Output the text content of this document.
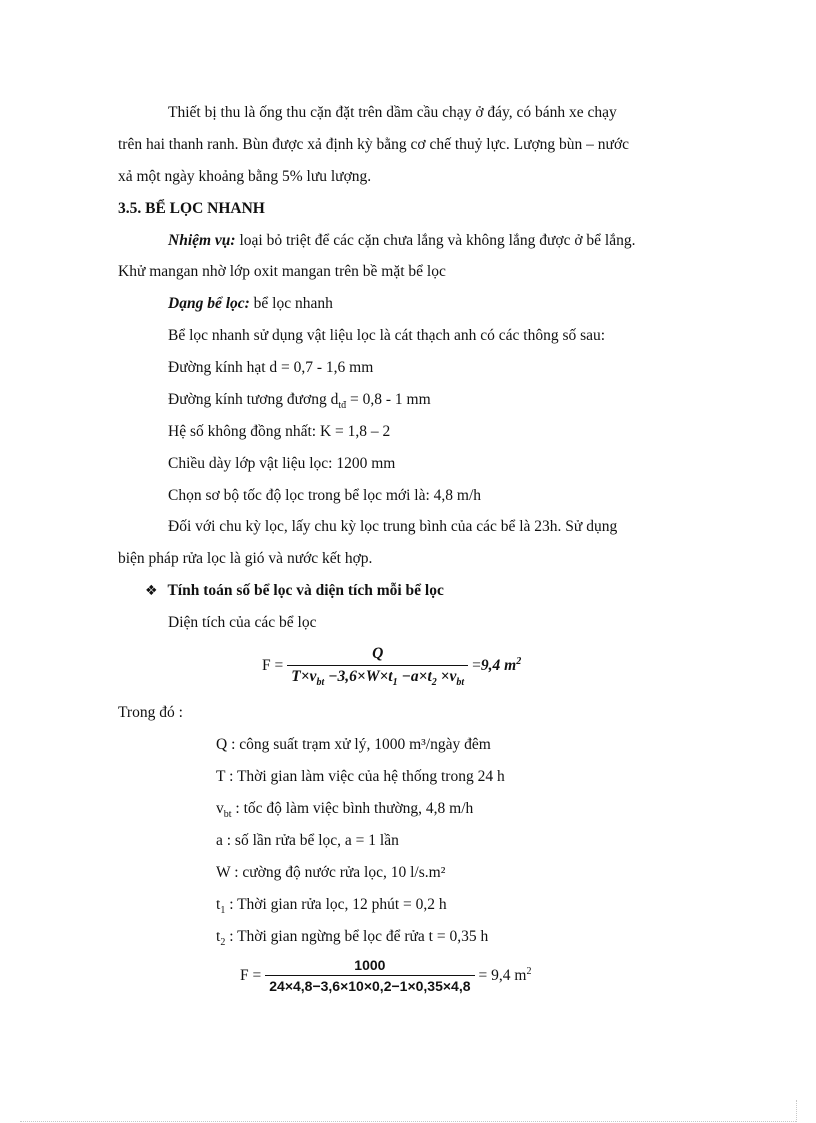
Thiết bị thu là ống thu cặn đặt trên dầm cầu chạy ở đáy, có bánh xe chạy
trên hai thanh ranh. Bùn được xả định kỳ bằng cơ chế thuỷ lực. Lượng bùn – nước
xả một ngày khoảng bằng 5% lưu lượng.
3.5. BỂ LỌC NHANH
Nhiệm vụ: loại bỏ triệt để các cặn chưa lắng và không lắng được ở bể lắng.
Khử mangan nhờ lớp oxit mangan trên bề mặt bể lọc
Dạng bể lọc: bể lọc nhanh
Bể lọc nhanh sử dụng vật liệu lọc là cát thạch anh có các thông số sau:
Đường kính hạt d = 0,7 - 1,6 mm
Đường kính tương đương $d_{tđ} = 0,8 - 1$ mm
Hệ số không đồng nhất: K = 1,8 – 2
Chiều dày lớp vật liệu lọc: 1200 mm
Chọn sơ bộ tốc độ lọc trong bể lọc mới là: 4,8 m/h
Đối với chu kỳ lọc, lấy chu kỳ lọc trung bình của các bể là 23h. Sử dụng
biện pháp rửa lọc là gió và nước kết hợp.
❖ Tính toán số bể lọc và diện tích mỗi bể lọc
Diện tích của các bể lọc
$F = \frac{Q}{T\times v_{bt} -3,6\times W\times t_1 -a\times t_2 \times v_{bt}} = 9,4$ $m^2$
Trong đó :
Q : công suất trạm xử lý, 1000 m³/ngày đêm
T : Thời gian làm việc của hệ thống trong 24 h
$v_{bt}$ : tốc độ làm việc bình thường, 4,8 m/h
a : số lần rửa bể lọc, a = 1 lần
W : cường độ nước rửa lọc, 10 l/s.m²
$t_1$ : Thời gian rửa lọc, 12 phút = 0,2 h
$t_2$ : Thời gian ngừng bể lọc để rửa t = 0,35 h
$F = \frac{1000}{24\times 4,8-3,6\times 10\times 0,2-1\times 0,35\times 4,8} = 9,4$ $m^2$
